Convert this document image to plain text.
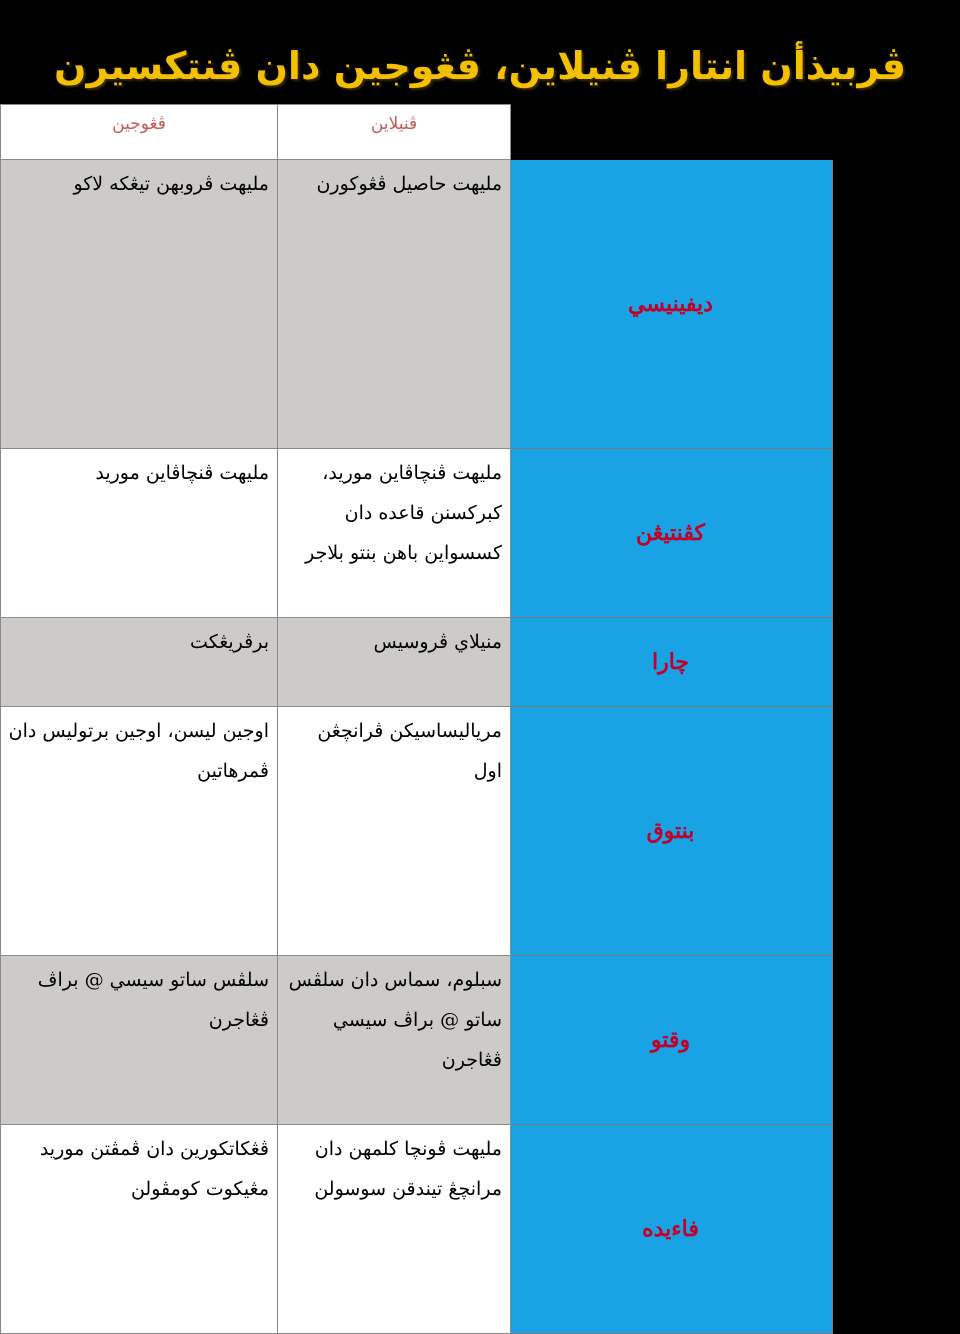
ڤربيذأن انتارا ڤنيلاين، ڤڠوجين دان ڤنتكسيرن
	ڤڠوجين	ڤنيلاين	
	مليهت ڤروبهن تيڠكه لاكو	مليهت حاصيل ڤڠوكورن	ديفينيسي
	مليهت ڤنچاڤاين موريد	مليهت ڤنچاڤاين موريد، كبركسنن قاعده دان كسسواين باهن بنتو بلاجر	كڤنتيڠن
	برڤريڠكت	منيلاي ڤروسيس	چارا
	اوجين ليسن، اوجين برتوليس دان ڤمرهاتين	مرياليساسيكن ڤرانچڠن اول	بنتوق
	سلڤس ساتو سيسي @ براڤ ڤڠاجرن	سبلوم، سماس دان سلڤس ساتو @ براڤ سيسي ڤڠاجرن	وقتو
	ڤڠكاتكورين دان ڤمڤتن موريد مڠيكوت كومڤولن	مليهت ڤونچا كلمهن دان مرانچڠ تيندقن سوسولن	فاءيده
